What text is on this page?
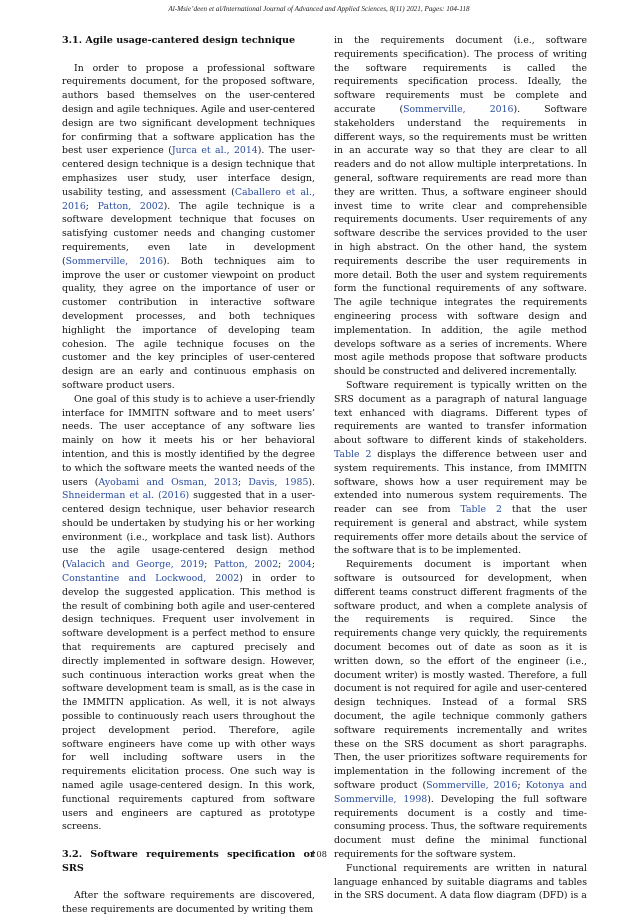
Al-Msie’deen et al/International Journal of Advanced and Applied Sciences, 8(11) 2021, Pages: 104-118
3.1. Agile usage-cantered design technique

In order to propose a professional software requirements document, for the proposed software, authors based themselves on the user-centered design and agile techniques. Agile and user-centered design are two significant development techniques for confirming that a software application has the best user experience (Jurca et al., 2014). The user-centered design technique is a design technique that emphasizes user study, user interface design, usability testing, and assessment (Caballero et al., 2016; Patton, 2002). The agile technique is a software development technique that focuses on satisfying customer needs and changing customer requirements, even late in development (Sommerville, 2016). Both techniques aim to improve the user or customer viewpoint on product quality, they agree on the importance of user or customer contribution in interactive software development processes, and both techniques highlight the importance of developing team cohesion. The agile technique focuses on the customer and the key principles of user-centered design are an early and continuous emphasis on software product users.

One goal of this study is to achieve a user-friendly interface for IMMITN software and to meet users’ needs. The user acceptance of any software lies mainly on how it meets his or her behavioral intention, and this is mostly identified by the degree to which the software meets the wanted needs of the users (Ayobami and Osman, 2013; Davis, 1985). Shneiderman et al. (2016) suggested that in a user-centered design technique, user behavior research should be undertaken by studying his or her working environment (i.e., workplace and task list). Authors use the agile usage-centered design method (Valacich and George, 2019; Patton, 2002; 2004; Constantine and Lockwood, 2002) in order to develop the suggested application. This method is the result of combining both agile and user-centered design techniques. Frequent user involvement in software development is a perfect method to ensure that requirements are captured precisely and directly implemented in software design. However, such continuous interaction works great when the software development team is small, as is the case in the IMMITN application. As well, it is not always possible to continuously reach users throughout the project development period. Therefore, agile software engineers have come up with other ways for well including software users in the requirements elicitation process. One such way is named agile usage-centered design. In this work, functional requirements captured from software users and engineers are captured as prototype screens.

3.2. Software requirements specification or SRS

After the software requirements are discovered, these requirements are documented by writing them

in the requirements document (i.e., software requirements specification). The process of writing the software requirements is called the requirements specification process. Ideally, the software requirements must be complete and accurate (Sommerville, 2016). Software stakeholders understand the requirements in different ways, so the requirements must be written in an accurate way so that they are clear to all readers and do not allow multiple interpretations. In general, software requirements are read more than they are written. Thus, a software engineer should invest time to write clear and comprehensible requirements documents. User requirements of any software describe the services provided to the user in high abstract. On the other hand, the system requirements describe the user requirements in more detail. Both the user and system requirements form the functional requirements of any software. The agile technique integrates the requirements engineering process with software design and implementation. In addition, the agile method develops software as a series of increments. Where most agile methods propose that software products should be constructed and delivered incrementally.

Software requirement is typically written on the SRS document as a paragraph of natural language text enhanced with diagrams. Different types of requirements are wanted to transfer information about software to different kinds of stakeholders. Table 2 displays the difference between user and system requirements. This instance, from IMMITN software, shows how a user requirement may be extended into numerous system requirements. The reader can see from Table 2 that the user requirement is general and abstract, while system requirements offer more details about the service of the software that is to be implemented.

Requirements document is important when software is outsourced for development, when different teams construct different fragments of the software product, and when a complete analysis of the requirements is required. Since the requirements change very quickly, the requirements document becomes out of date as soon as it is written down, so the effort of the engineer (i.e., document writer) is mostly wasted. Therefore, a full document is not required for agile and user-centered design techniques. Instead of a formal SRS document, the agile technique commonly gathers software requirements incrementally and writes these on the SRS document as short paragraphs. Then, the user prioritizes software requirements for implementation in the following increment of the software product (Sommerville, 2016; Kotonya and Sommerville, 1998). Developing the full software requirements document is a costly and time-consuming process. Thus, the software requirements document must define the minimal functional requirements for the software system.

Functional requirements are written in natural language enhanced by suitable diagrams and tables in the SRS document. A data flow diagram (DFD) is a

108
